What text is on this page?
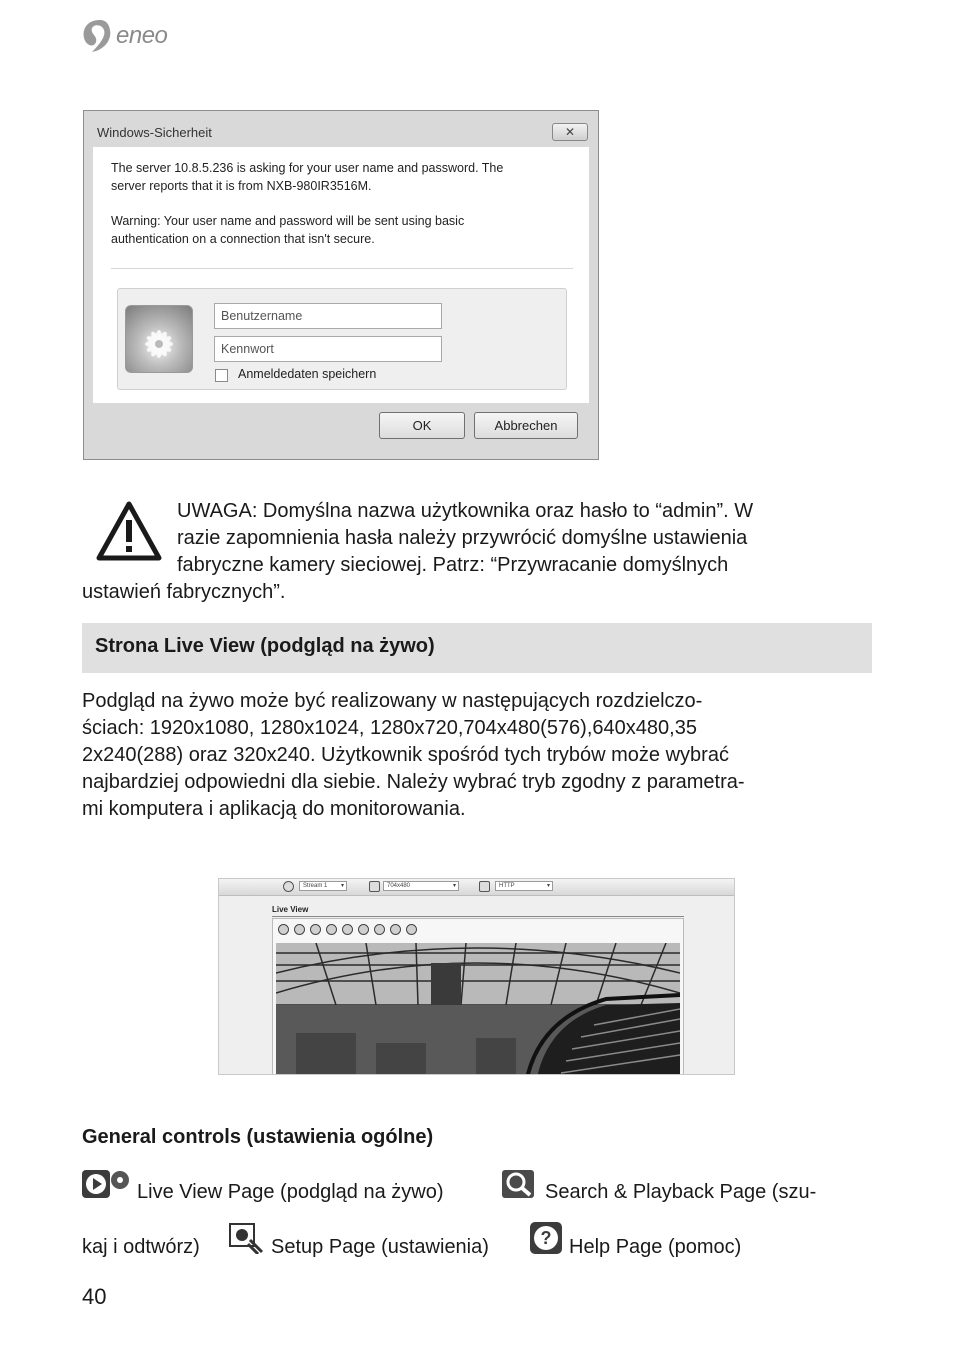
eneo
Windows-Sicherheit	✕
The server 10.8.5.236 is asking for your user name and password. The
server reports that it is from NXB-980IR3516M.
Warning: Your user name and password will be sent using basic
authentication on a connection that isn't secure.
Benutzername
Kennwort
Anmeldedaten speichern
OK	Abbrechen
UWAGA: Domyślna nazwa użytkownika oraz hasło to “admin”. W
razie zapomnienia hasła należy przywrócić domyślne ustawienia
fabryczne kamery sieciowej. Patrz: “Przywracanie domyślnych
ustawień fabrycznych”.
Strona Live View (podgląd na żywo)
Podgląd na żywo może być realizowany w następujących rozdzielczo-
ściach: 1920x1080, 1280x1024, 1280x720,704x480(576),640x480,35
2x240(288) oraz 320x240. Użytkownik spośród tych trybów może wybrać
najbardziej odpowiedni dla siebie. Należy wybrać tryb zgodny z parametra-
mi komputera i aplikacją do monitorowania.
Stream 1 ▾	704x480 ▾	HTTP ▾
Live View
General controls (ustawienia ogólne)
Live View Page (podgląd na żywo)	Search & Playback Page (szu-
kaj i odtwórz)	Setup Page (ustawienia)	? Help Page (pomoc)
40
